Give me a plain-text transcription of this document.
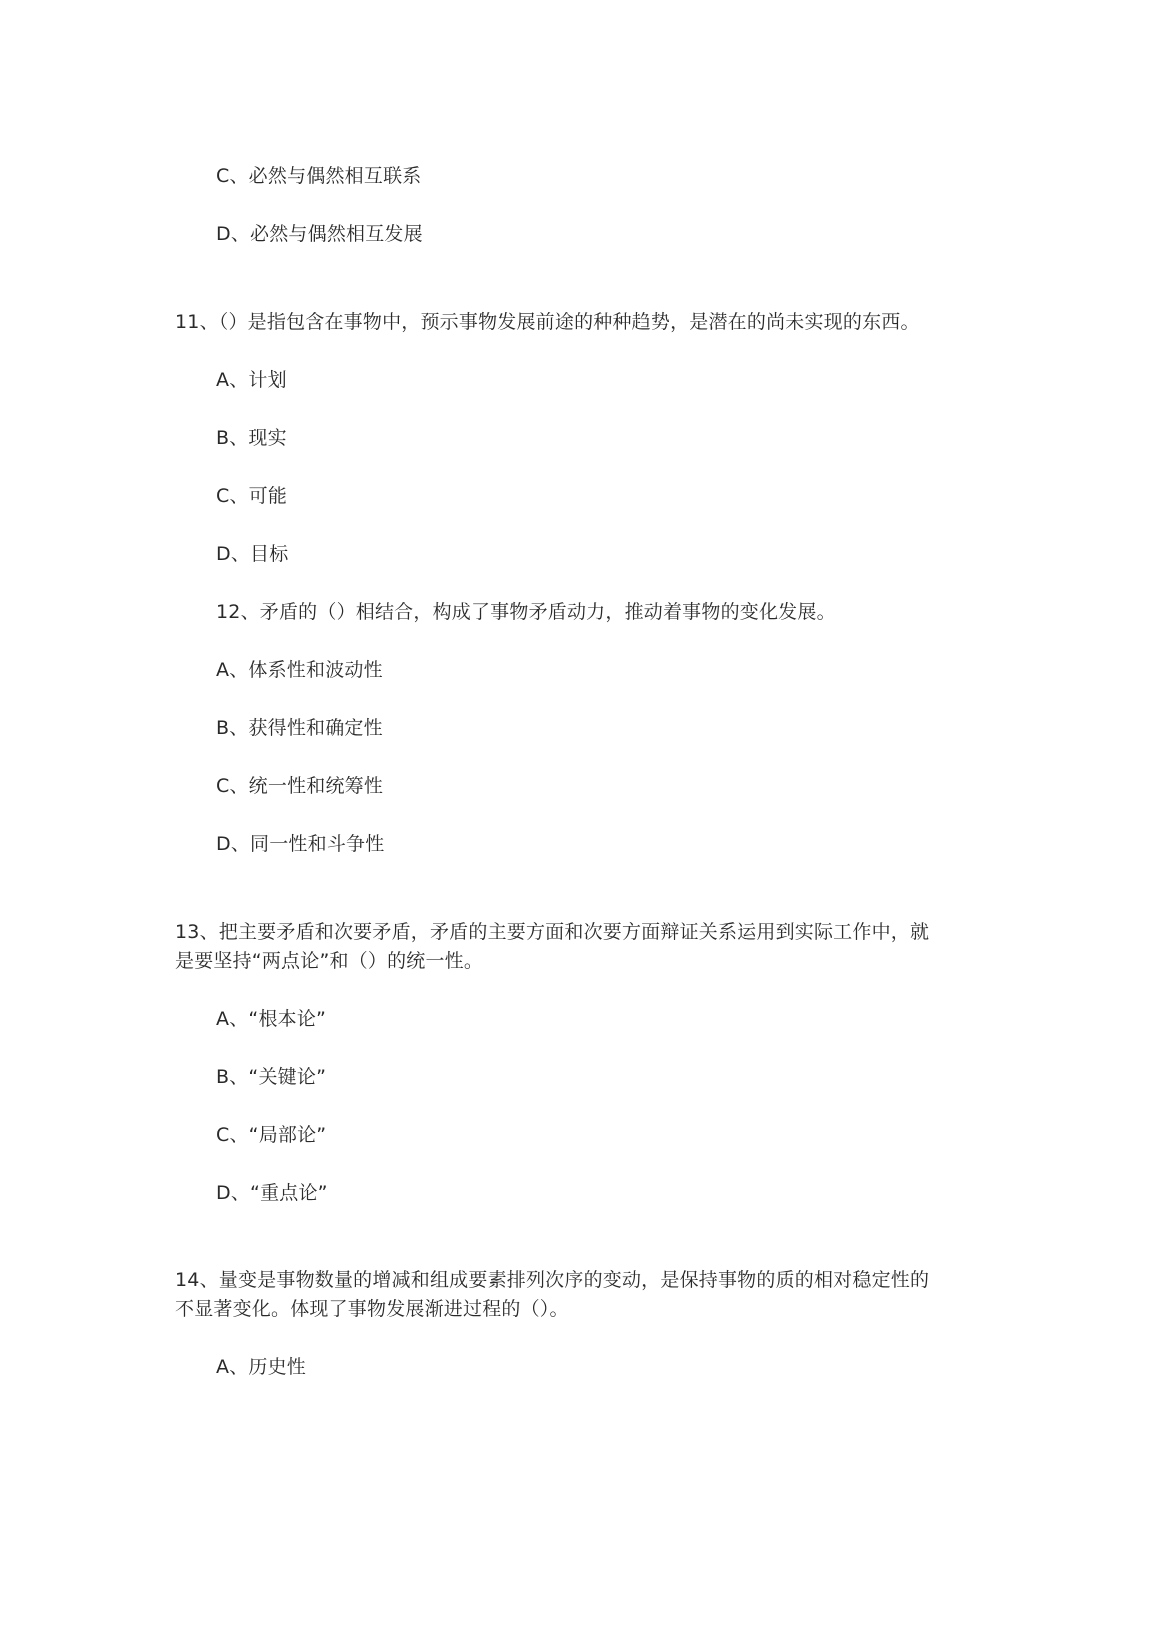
C、必然与偶然相互联系
D、必然与偶然相互发展
11、（）是指包含在事物中，预示事物发展前途的种种趋势，是潜在的尚未实现的东西。
A、计划
B、现实
C、可能
D、目标
12、矛盾的（）相结合，构成了事物矛盾动力，推动着事物的变化发展。
A、体系性和波动性
B、获得性和确定性
C、统一性和统筹性
D、同一性和斗争性
13、把主要矛盾和次要矛盾，矛盾的主要方面和次要方面辩证关系运用到实际工作中，就
是要坚持“两点论”和（）的统一性。
A、“根本论”
B、“关键论”
C、“局部论”
D、“重点论”
14、量变是事物数量的增减和组成要素排列次序的变动，是保持事物的质的相对稳定性的
不显著变化。体现了事物发展渐进过程的（）。
A、历史性
